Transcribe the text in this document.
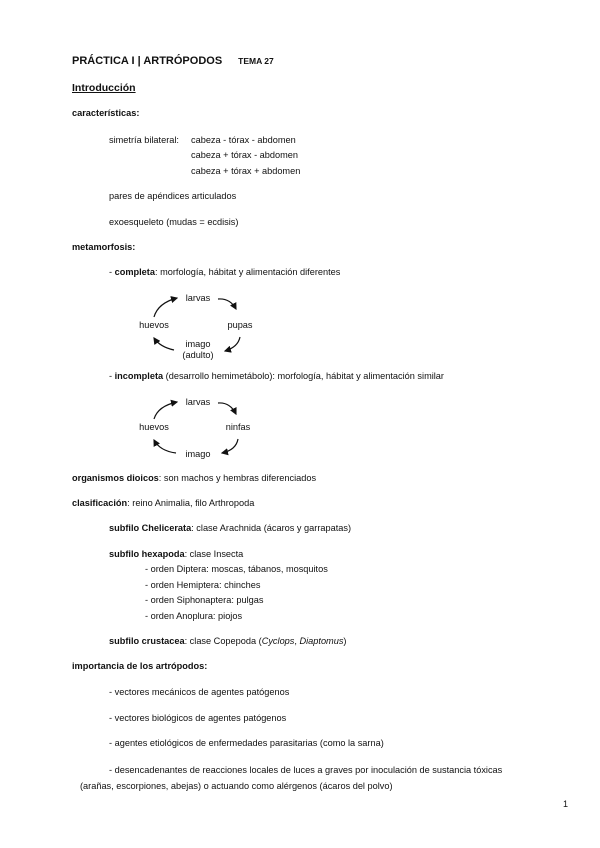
PRÁCTICA I | ARTRÓPODOS TEMA 27
Introducción
características:
simetría bilateral: cabeza - tórax - abdomen
cabeza + tórax - abdomen
cabeza + tórax + abdomen
pares de apéndices articulados
exoesqueleto (mudas = ecdisis)
metamorfosis:
- completa: morfología, hábitat y alimentación diferentes
larvas
huevos	pupas
imago
(adulto)
- incompleta (desarrollo hemimetábolo): morfología, hábitat y alimentación similar
larvas
huevos	ninfas
imago
organismos dioicos: son machos y hembras diferenciados
clasificación: reino Animalia, filo Arthropoda
subfilo Chelicerata: clase Arachnida (ácaros y garrapatas)
subfilo hexapoda: clase Insecta
- orden Diptera: moscas, tábanos, mosquitos
- orden Hemiptera: chinches
- orden Siphonaptera: pulgas
- orden Anoplura: piojos
subfilo crustacea: clase Copepoda (Cyclops, Diaptomus)
importancia de los artrópodos:
- vectores mecánicos de agentes patógenos
- vectores biológicos de agentes patógenos
- agentes etiológicos de enfermedades parasitarias (como la sarna)
- desencadenantes de reacciones locales de luces a graves por inoculación de sustancia tóxicas
(arañas, escorpiones, abejas) o actuando como alérgenos (ácaros del polvo)
1
